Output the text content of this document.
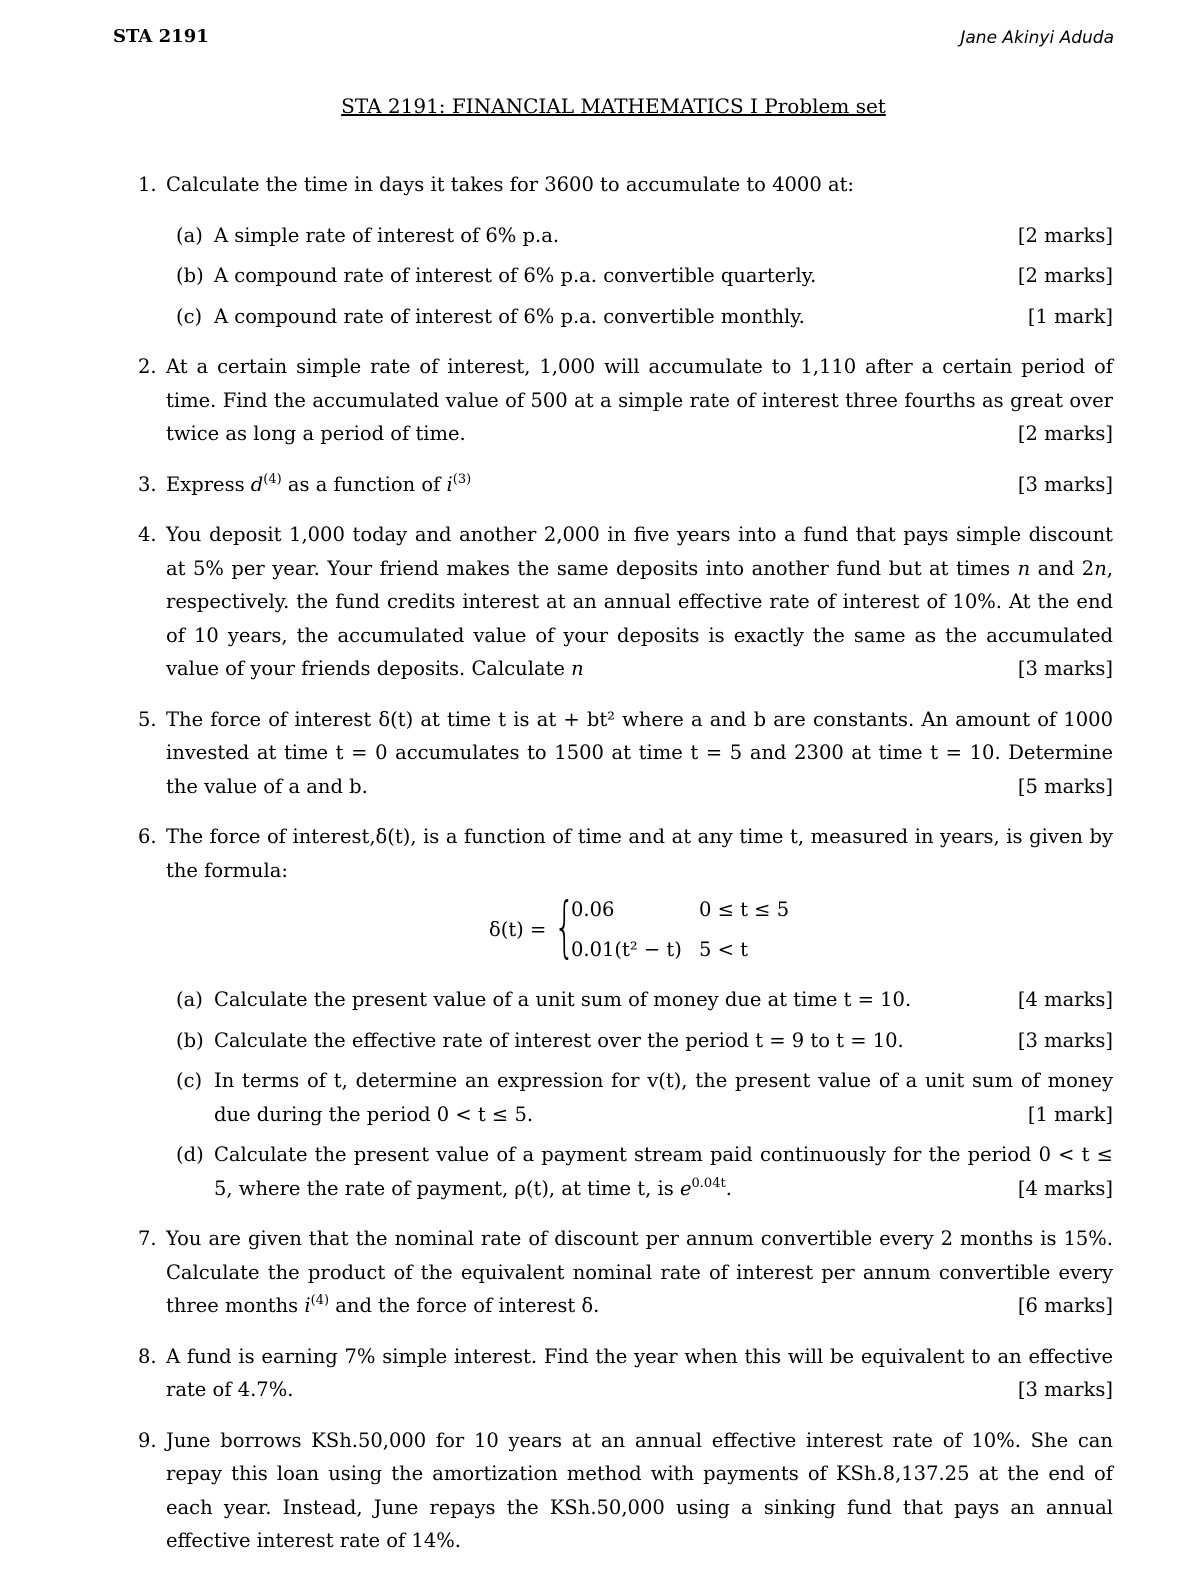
STA 2191	Jane Akinyi Aduda
STA 2191: FINANCIAL MATHEMATICS I Problem set
1. Calculate the time in days it takes for 3600 to accumulate to 4000 at:
(a) A simple rate of interest of 6% p.a.	[2 marks]
(b) A compound rate of interest of 6% p.a. convertible quarterly.	[2 marks]
(c) A compound rate of interest of 6% p.a. convertible monthly.	[1 mark]
2. At a certain simple rate of interest, 1,000 will accumulate to 1,110 after a certain period of time. Find the accumulated value of 500 at a simple rate of interest three fourths as great over twice as long a period of time.	[2 marks]
3. Express $d^{(4)}$ as a function of $i^{(3)}$	[3 marks]
4. You deposit 1,000 today and another 2,000 in five years into a fund that pays simple discount at 5% per year. Your friend makes the same deposits into another fund but at times n and 2n, respectively. the fund credits interest at an annual effective rate of interest of 10%. At the end of 10 years, the accumulated value of your deposits is exactly the same as the accumulated value of your friends deposits. Calculate n	[3 marks]
5. The force of interest δ(t) at time t is at + bt² where a and b are constants. An amount of 1000 invested at time t = 0 accumulates to 1500 at time t = 5 and 2300 at time t = 10. Determine the value of a and b.	[5 marks]
6. The force of interest,δ(t), is a function of time and at any time t, measured in years, is given by the formula:
δ(t) = {
0.06	0 ≤ t ≤ 5
0.01(t² − t) 5 < t
(a) Calculate the present value of a unit sum of money due at time t = 10.	[4 marks]
(b) Calculate the effective rate of interest over the period t = 9 to t = 10.	[3 marks]
(c) In terms of t, determine an expression for v(t), the present value of a unit sum of money due during the period 0 < t ≤ 5.	[1 mark]
(d) Calculate the present value of a payment stream paid continuously for the period 0 < t ≤ 5, where the rate of payment, ρ(t), at time t, is $e^{0.04t}$.	[4 marks]
7. You are given that the nominal rate of discount per annum convertible every 2 months is 15%. Calculate the product of the equivalent nominal rate of interest per annum convertible every three months $i^{(4)}$ and the force of interest δ.	[6 marks]
8. A fund is earning 7% simple interest. Find the year when this will be equivalent to an effective rate of 4.7%.	[3 marks]
9. June borrows KSh.50,000 for 10 years at an annual effective interest rate of 10%. She can repay this loan using the amortization method with payments of KSh.8,137.25 at the end of each year. Instead, June repays the KSh.50,000 using a sinking fund that pays an annual effective interest rate of 14%.
